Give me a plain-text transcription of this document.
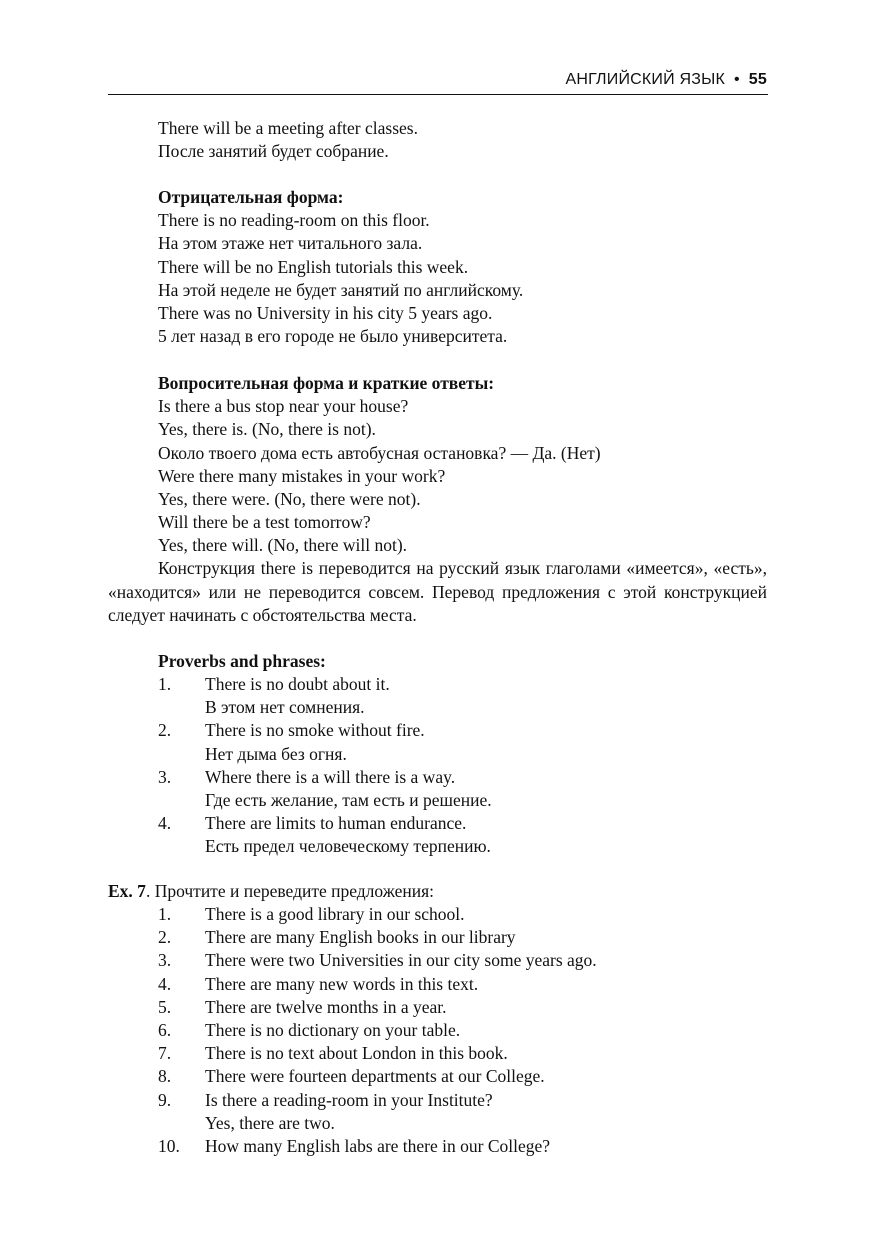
АНГЛИЙСКИЙ ЯЗЫК • 55
There will be a meeting after classes.
После занятий будет собрание.
Отрицательная форма:
There is no reading-room on this floor.
На этом этаже нет читального зала.
There will be no English tutorials this week.
На этой неделе не будет занятий по английскому.
There was no University in his city 5 years ago.
5 лет назад в его городе не было университета.
Вопросительная форма и краткие ответы:
Is there a bus stop near your house?
Yes, there is. (No, there is not).
Около твоего дома есть автобусная остановка? — Да. (Нет)
Were there many mistakes in your work?
Yes, there were. (No, there were not).
Will there be a test tomorrow?
Yes, there will. (No, there will not).
Конструкция there is переводится на русский язык глаголами «имеется», «есть», «находится» или не переводится совсем. Перевод предложения с этой конструкцией следует начинать с обстоятельства места.
Proverbs and phrases:
1.	There is no doubt about it.
В этом нет сомнения.
2.	There is no smoke without fire.
Нет дыма без огня.
3.	Where there is a will there is a way.
Где есть желание, там есть и решение.
4.	There are limits to human endurance.
Есть предел человеческому терпению.
Ex. 7. Прочтите и переведите предложения:
1.	There is a good library in our school.
2.	There are many English books in our library
3.	There were two Universities in our city some years ago.
4.	There are many new words in this text.
5.	There are twelve months in a year.
6.	There is no dictionary on your table.
7.	There is no text about London in this book.
8.	There were fourteen departments at our College.
9.	Is there a reading-room in your Institute?
Yes, there are two.
10.	How many English labs are there in our College?
